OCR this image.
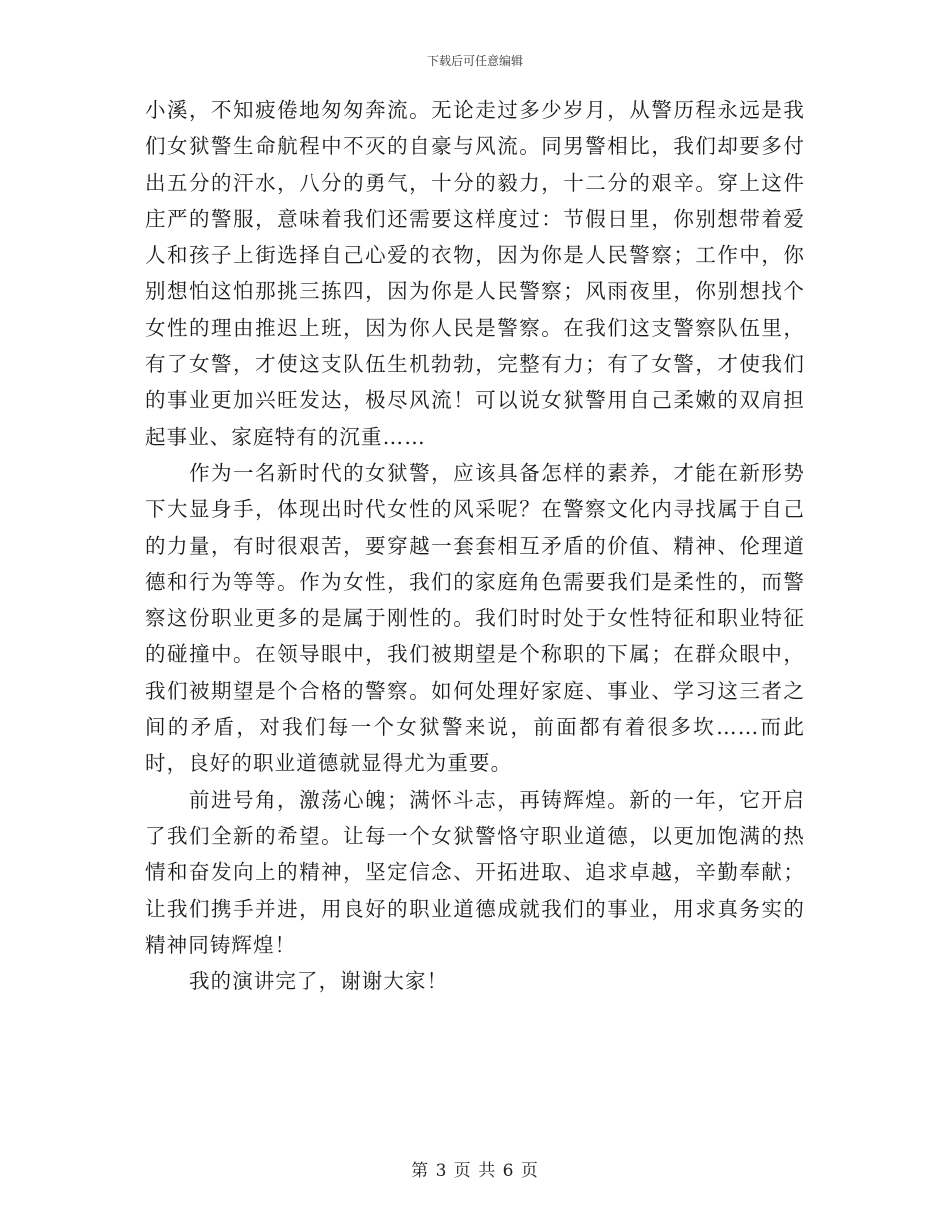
下载后可任意编辑

小溪，不知疲倦地匆匆奔流。无论走过多少岁月，从警历程永远是我们女狱警生命航程中不灭的自豪与风流。同男警相比，我们却要多付出五分的汗水，八分的勇气，十分的毅力，十二分的艰辛。穿上这件庄严的警服，意味着我们还需要这样度过：节假日里，你别想带着爱人和孩子上街选择自己心爱的衣物，因为你是人民警察；工作中，你别想怕这怕那挑三拣四，因为你是人民警察；风雨夜里，你别想找个女性的理由推迟上班，因为你人民是警察。在我们这支警察队伍里，有了女警，才使这支队伍生机勃勃，完整有力；有了女警，才使我们的事业更加兴旺发达，极尽风流！可以说女狱警用自己柔嫩的双肩担起事业、家庭特有的沉重……

作为一名新时代的女狱警，应该具备怎样的素养，才能在新形势下大显身手，体现出时代女性的风采呢？在警察文化内寻找属于自己的力量，有时很艰苦，要穿越一套套相互矛盾的价值、精神、伦理道德和行为等等。作为女性，我们的家庭角色需要我们是柔性的，而警察这份职业更多的是属于刚性的。我们时时处于女性特征和职业特征的碰撞中。在领导眼中，我们被期望是个称职的下属；在群众眼中，我们被期望是个合格的警察。如何处理好家庭、事业、学习这三者之间的矛盾，对我们每一个女狱警来说，前面都有着很多坎……而此时，良好的职业道德就显得尤为重要。

前进号角，激荡心魄；满怀斗志，再铸辉煌。新的一年，它开启了我们全新的希望。让每一个女狱警恪守职业道德，以更加饱满的热情和奋发向上的精神，坚定信念、开拓进取、追求卓越，辛勤奉献；让我们携手并进，用良好的职业道德成就我们的事业，用求真务实的精神同铸辉煌！

我的演讲完了，谢谢大家！

第 3 页 共 6 页
